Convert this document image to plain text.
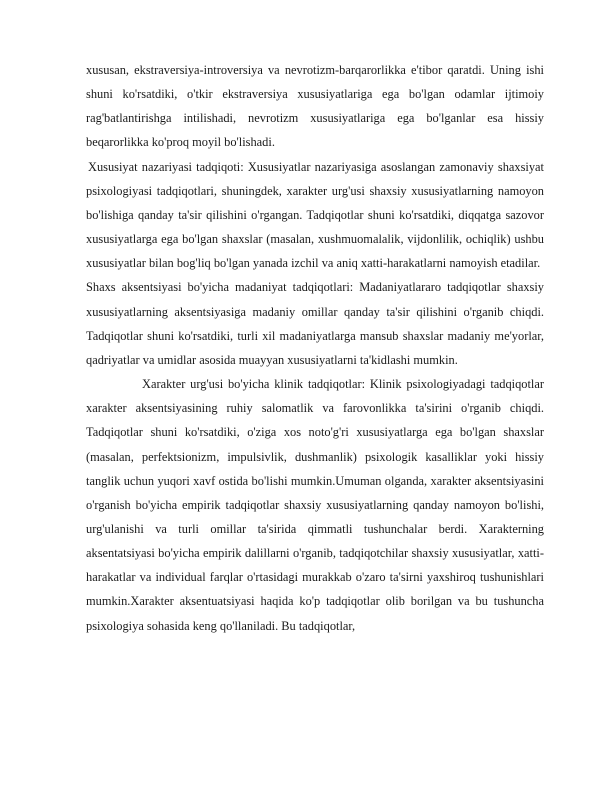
xususan, ekstraversiya-introversiya va nevrotizm-barqarorlikka e'tibor qaratdi. Uning ishi shuni ko'rsatdiki, o'tkir ekstraversiya xususiyatlariga ega bo'lgan odamlar ijtimoiy rag'batlantirishga intilishadi, nevrotizm xususiyatlariga ega bo'lganlar esa hissiy beqarorlikka ko'proq moyil bo'lishadi.

Xususiyat nazariyasi tadqiqoti: Xususiyatlar nazariyasiga asoslangan zamonaviy shaxsiyat psixologiyasi tadqiqotlari, shuningdek, xarakter urg'usi shaxsiy xususiyatlarning namoyon bo'lishiga qanday ta'sir qilishini o'rgangan. Tadqiqotlar shuni ko'rsatdiki, diqqatga sazovor xususiyatlarga ega bo'lgan shaxslar (masalan, xushmuomalalik, vijdonlilik, ochiqlik) ushbu xususiyatlar bilan bog'liq bo'lgan yanada izchil va aniq xatti-harakatlarni namoyish etadilar.

Shaxs aksentsiyasi bo'yicha madaniyat tadqiqotlari: Madaniyatlararo tadqiqotlar shaxsiy xususiyatlarning aksentsiyasiga madaniy omillar qanday ta'sir qilishini o'rganib chiqdi. Tadqiqotlar shuni ko'rsatdiki, turli xil madaniyatlarga mansub shaxslar madaniy me'yorlar, qadriyatlar va umidlar asosida muayyan xususiyatlarni ta'kidlashi mumkin.

Xarakter urg'usi bo'yicha klinik tadqiqotlar: Klinik psixologiyadagi tadqiqotlar xarakter aksentsiyasining ruhiy salomatlik va farovonlikka ta'sirini o'rganib chiqdi. Tadqiqotlar shuni ko'rsatdiki, o'ziga xos noto'g'ri xususiyatlarga ega bo'lgan shaxslar (masalan, perfektsionizm, impulsivlik, dushmanlik) psixologik kasalliklar yoki hissiy tanglik uchun yuqori xavf ostida bo'lishi mumkin.Umuman olganda, xarakter aksentsiyasini o'rganish bo'yicha empirik tadqiqotlar shaxsiy xususiyatlarning qanday namoyon bo'lishi, urg'ulanishi va turli omillar ta'sirida qimmatli tushunchalar berdi. Xarakterning aksentatsiyasi bo'yicha empirik dalillarni o'rganib, tadqiqotchilar shaxsiy xususiyatlar, xatti-harakatlar va individual farqlar o'rtasidagi murakkab o'zaro ta'sirni yaxshiroq tushunishlari mumkin.Xarakter aksentuatsiyasi haqida ko'p tadqiqotlar olib borilgan va bu tushuncha psixologiya sohasida keng qo'llaniladi. Bu tadqiqotlar,
